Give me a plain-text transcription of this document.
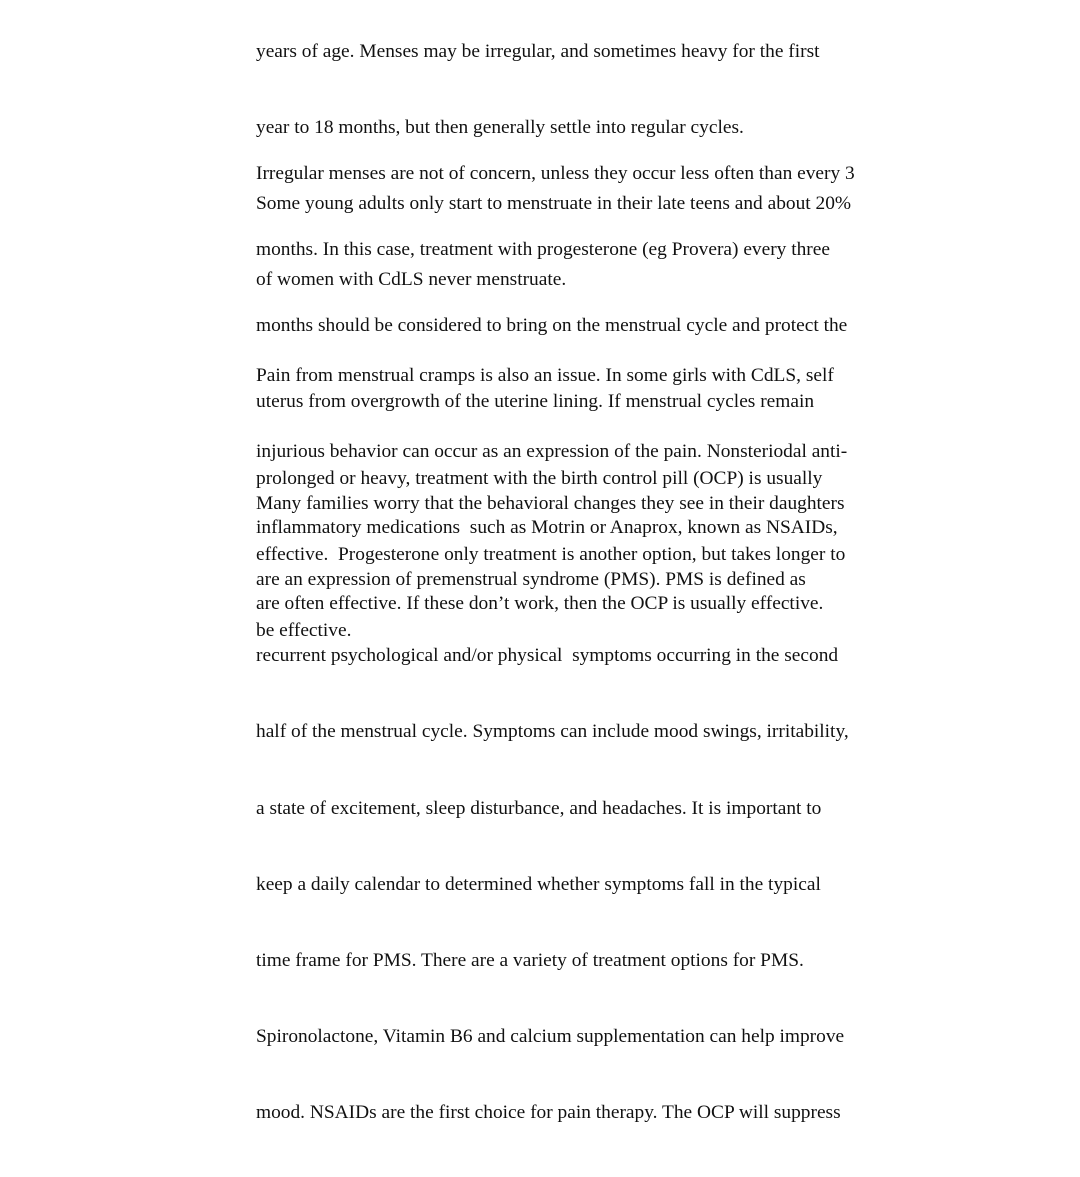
years of age. Menses may be irregular, and sometimes heavy for the first

year to 18 months, but then generally settle into regular cycles.

Some young adults only start to menstruate in their late teens and about 20%

of women with CdLS never menstruate.

Irregular menses are not of concern, unless they occur less often than every 3

months. In this case, treatment with progesterone (eg Provera) every three

months should be considered to bring on the menstrual cycle and protect the

uterus from overgrowth of the uterine lining. If menstrual cycles remain

prolonged or heavy, treatment with the birth control pill (OCP) is usually

effective.  Progesterone only treatment is another option, but takes longer to

be effective.

Pain from menstrual cramps is also an issue. In some girls with CdLS, self

injurious behavior can occur as an expression of the pain. Nonsteriodal anti-

inflammatory medications  such as Motrin or Anaprox, known as NSAIDs,

are often effective. If these don’t work, then the OCP is usually effective.

Many families worry that the behavioral changes they see in their daughters

are an expression of premenstrual syndrome (PMS). PMS is defined as

recurrent psychological and/or physical  symptoms occurring in the second

half of the menstrual cycle. Symptoms can include mood swings, irritability,

a state of excitement, sleep disturbance, and headaches. It is important to

keep a daily calendar to determined whether symptoms fall in the typical

time frame for PMS. There are a variety of treatment options for PMS.

Spironolactone, Vitamin B6 and calcium supplementation can help improve

mood. NSAIDs are the first choice for pain therapy. The OCP will suppress
